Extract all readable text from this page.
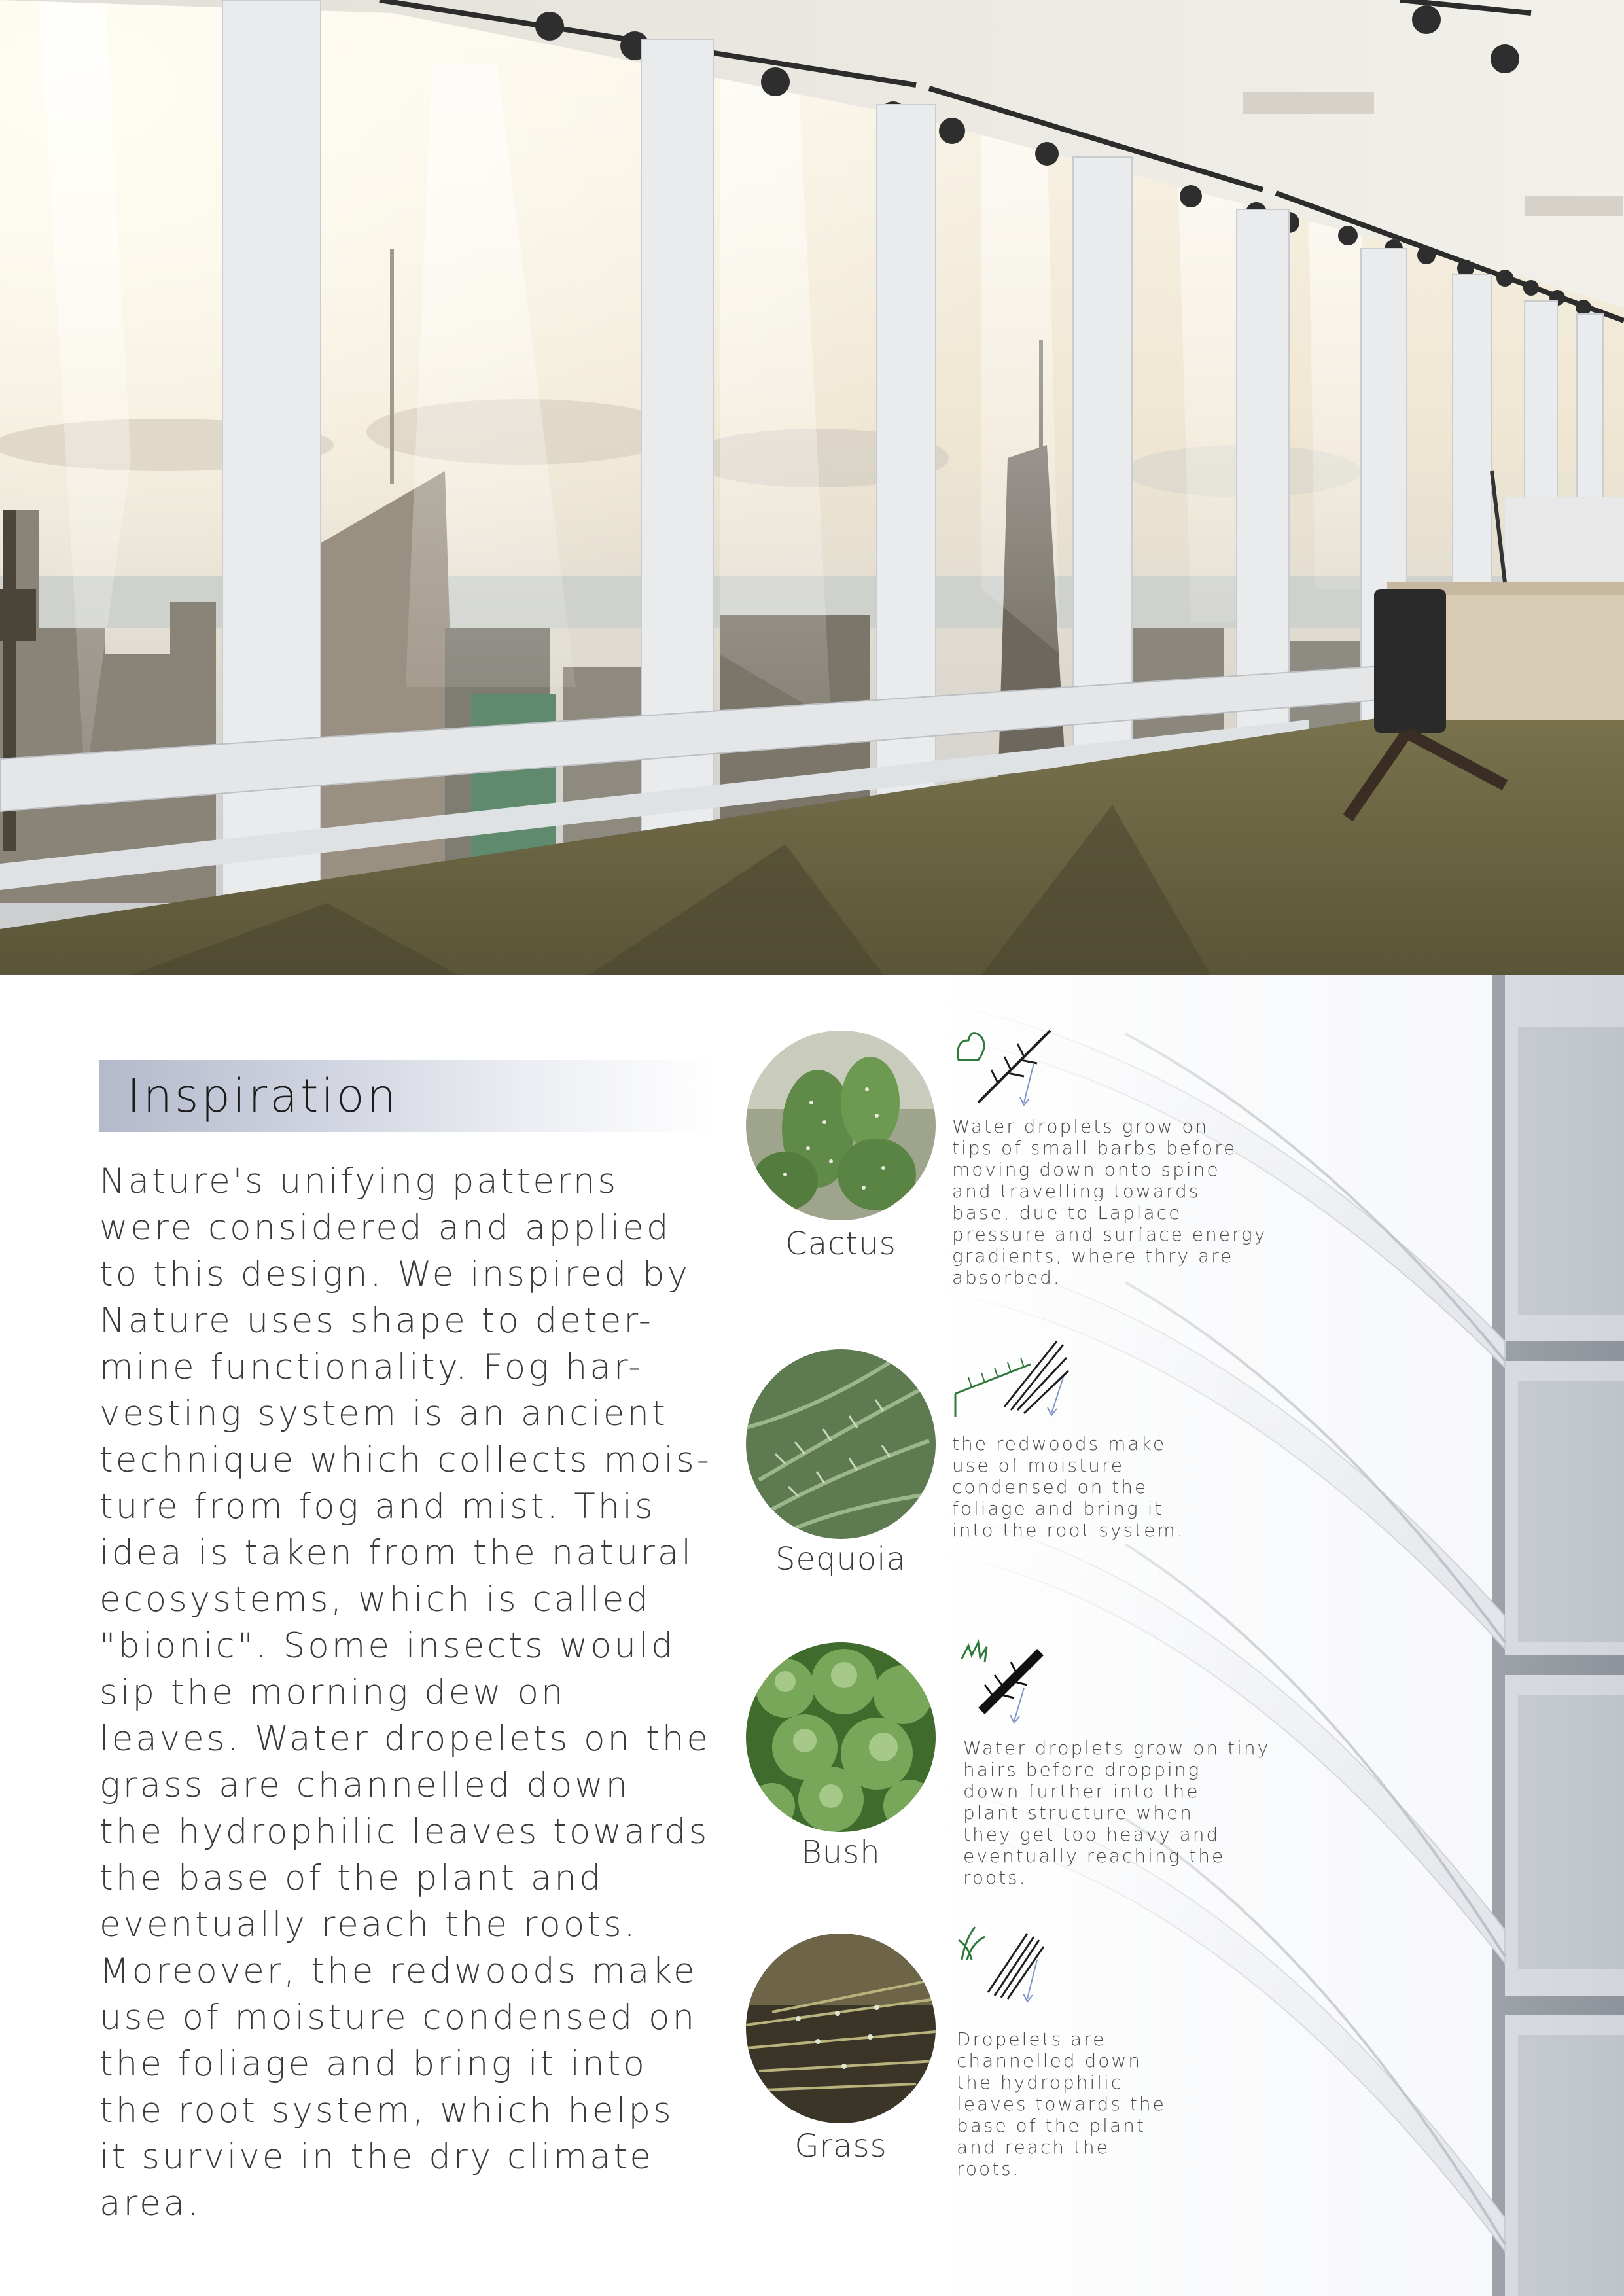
Inspiration

Nature's unifying patterns
were considered and applied
to this design. We inspired by
Nature uses shape to deter-
mine functionality. Fog har-
vesting system is an ancient
technique which collects mois-
ture from fog and mist. This
idea is taken from the natural
ecosystems, which is called
"bionic". Some insects would
sip the morning dew on
leaves. Water dropelets on the
grass are channelled down
the hydrophilic leaves towards
the base of the plant and
eventually reach the roots.
Moreover, the redwoods make
use of moisture condensed on
the foliage and bring it into
the root system, which helps
it survive in the dry climate
area.

Cactus

Water droplets grow on
tips of small barbs before
moving down onto spine
and travelling towards
base, due to Laplace
pressure and surface energy
gradients, where thry are
absorbed.

Sequoia

the redwoods make
use of moisture
condensed on the
foliage and bring it
into the root system.

Bush

Water droplets grow on tiny
hairs before dropping
down further into the
plant structure when
they get too heavy and
eventually reaching the
roots.

Grass

Dropelets are
channelled down
the hydrophilic
leaves towards the
base of the plant
and reach the
roots.
